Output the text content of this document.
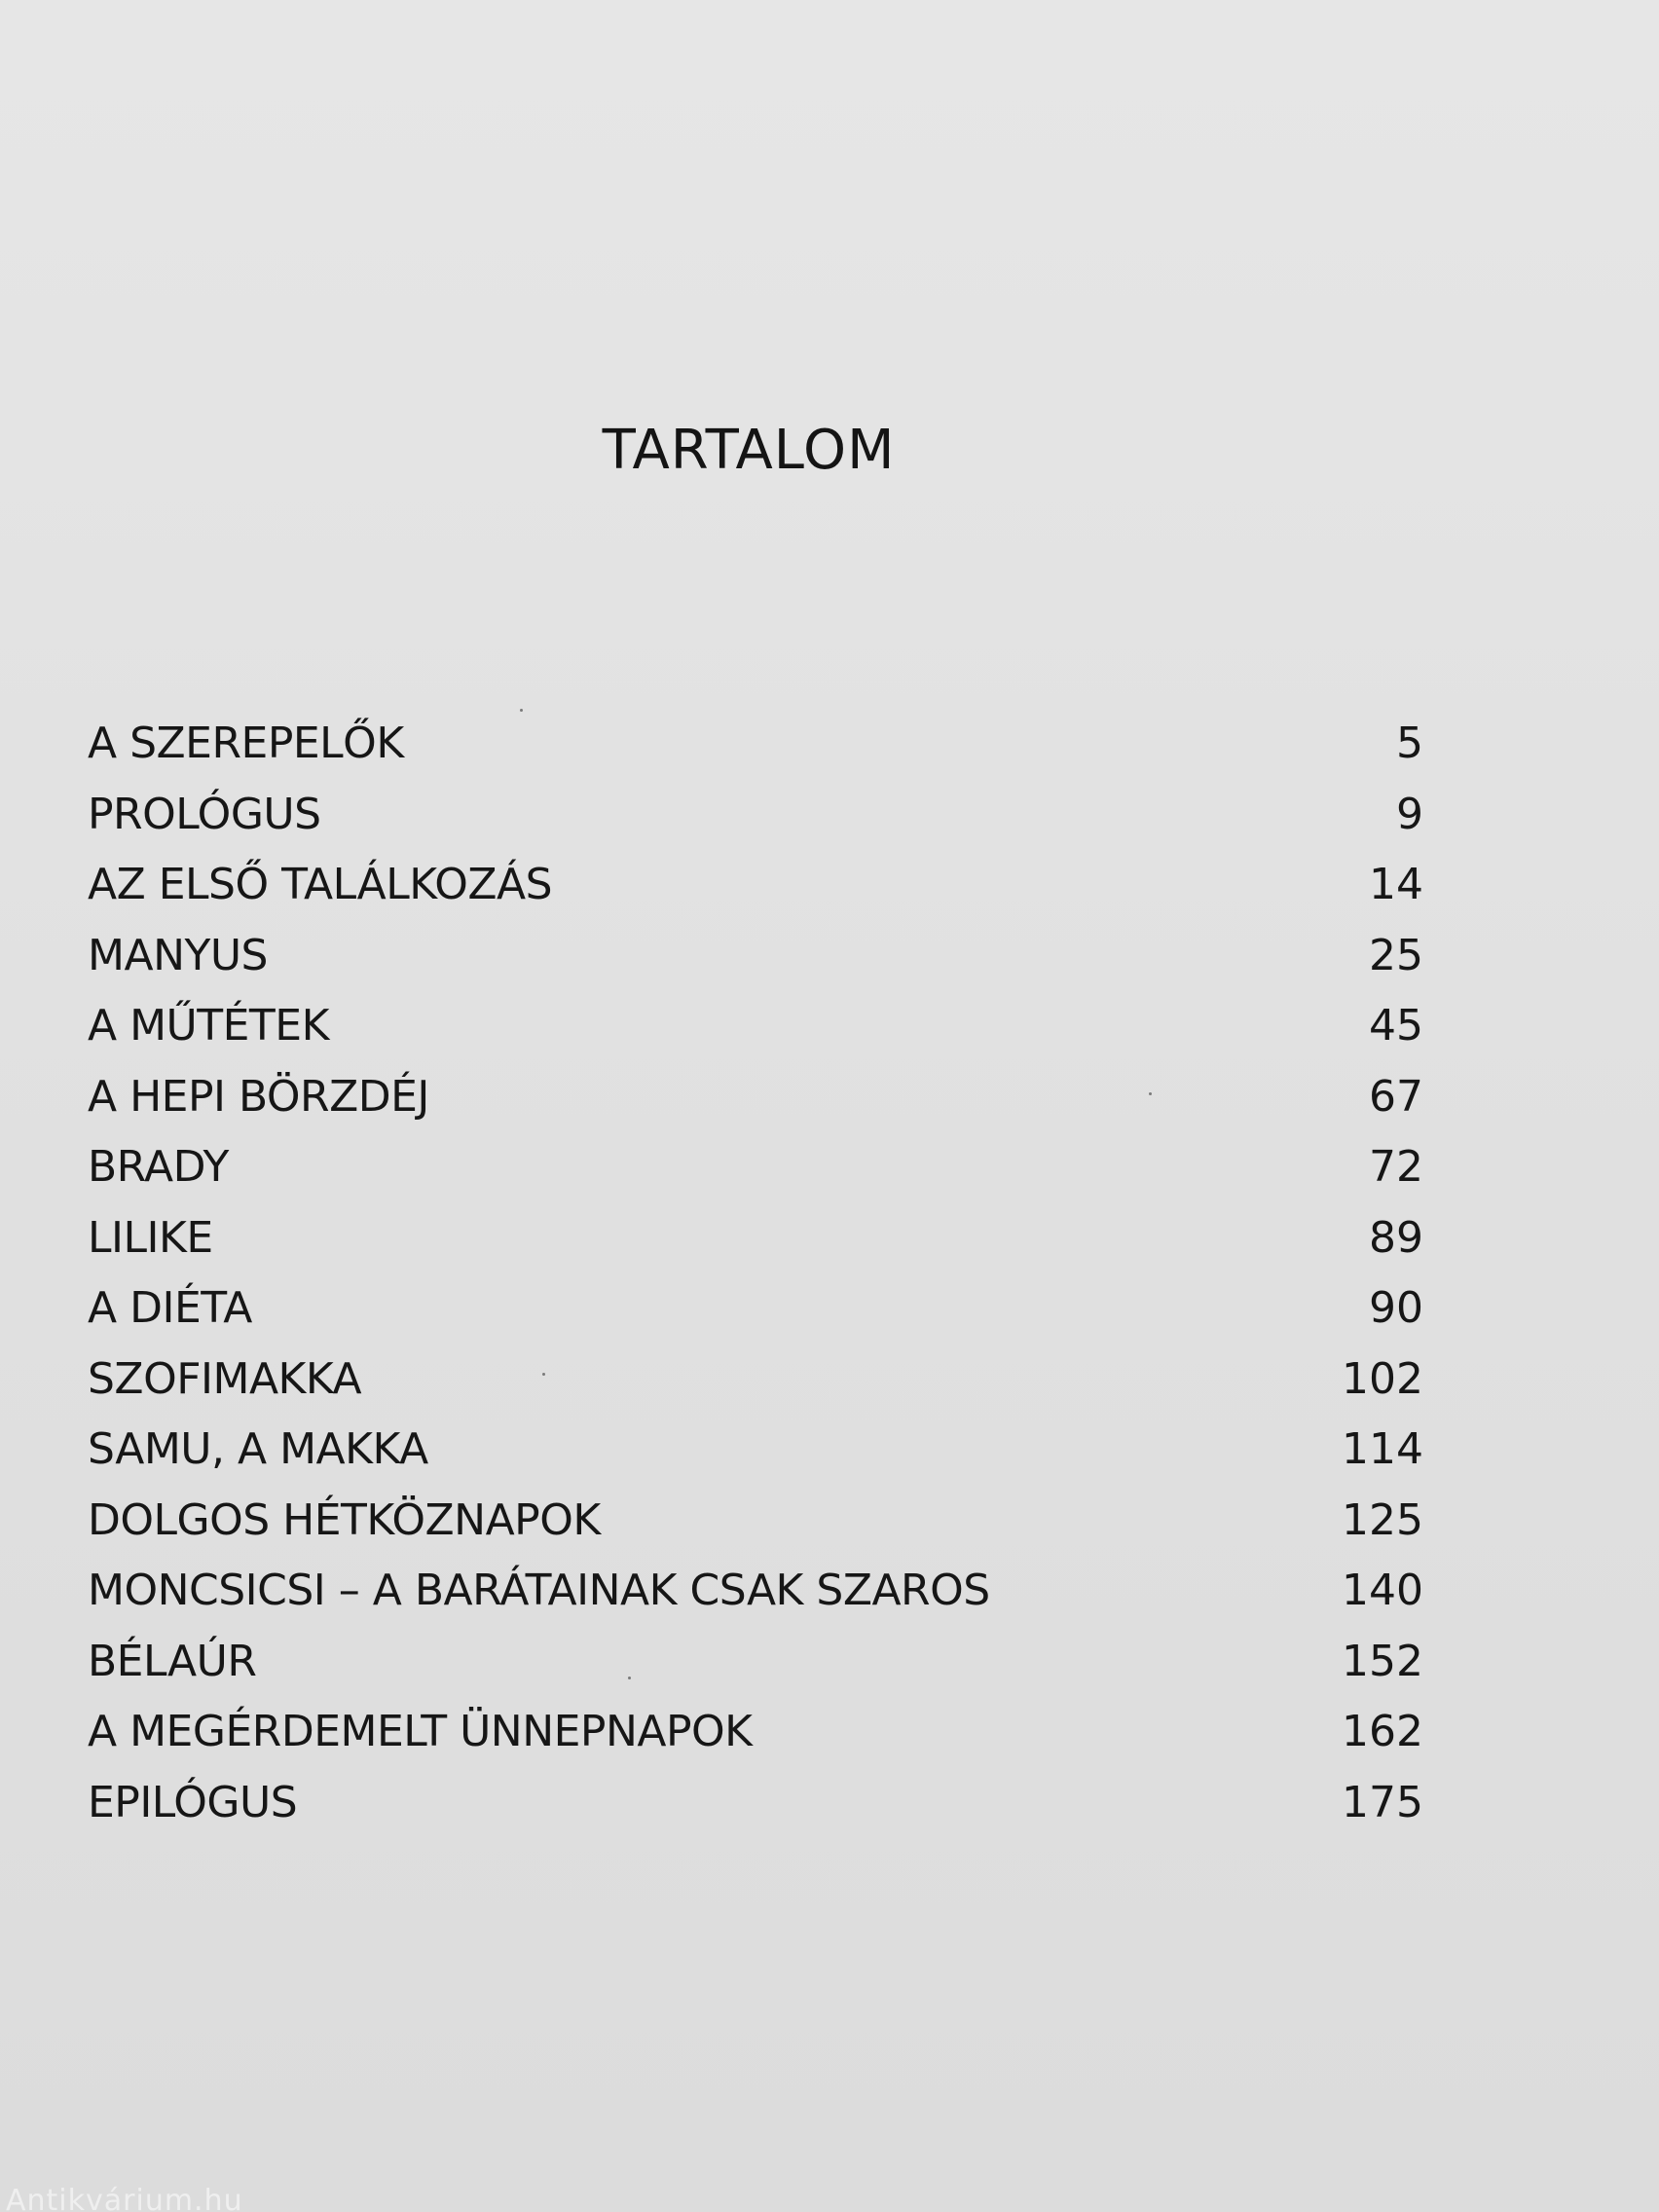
TARTALOM
A SZEREPELŐK	5
PROLÓGUS	9
AZ ELSŐ TALÁLKOZÁS	14
MANYUS	25
A MŰTÉTEK	45
A HEPI BÖRZDÉJ	67
BRADY	72
LILIKE	89
A DIÉTA	90
SZOFIMAKKA	102
SAMU, A MAKKA	114
DOLGOS HÉTKÖZNAPOK	125
MONCSICSI – A BARÁTAINAK CSAK SZAROS	140
BÉLAÚR	152
A MEGÉRDEMELT ÜNNEPNAPOK	162
EPILÓGUS	175
Antikvárium.hu
